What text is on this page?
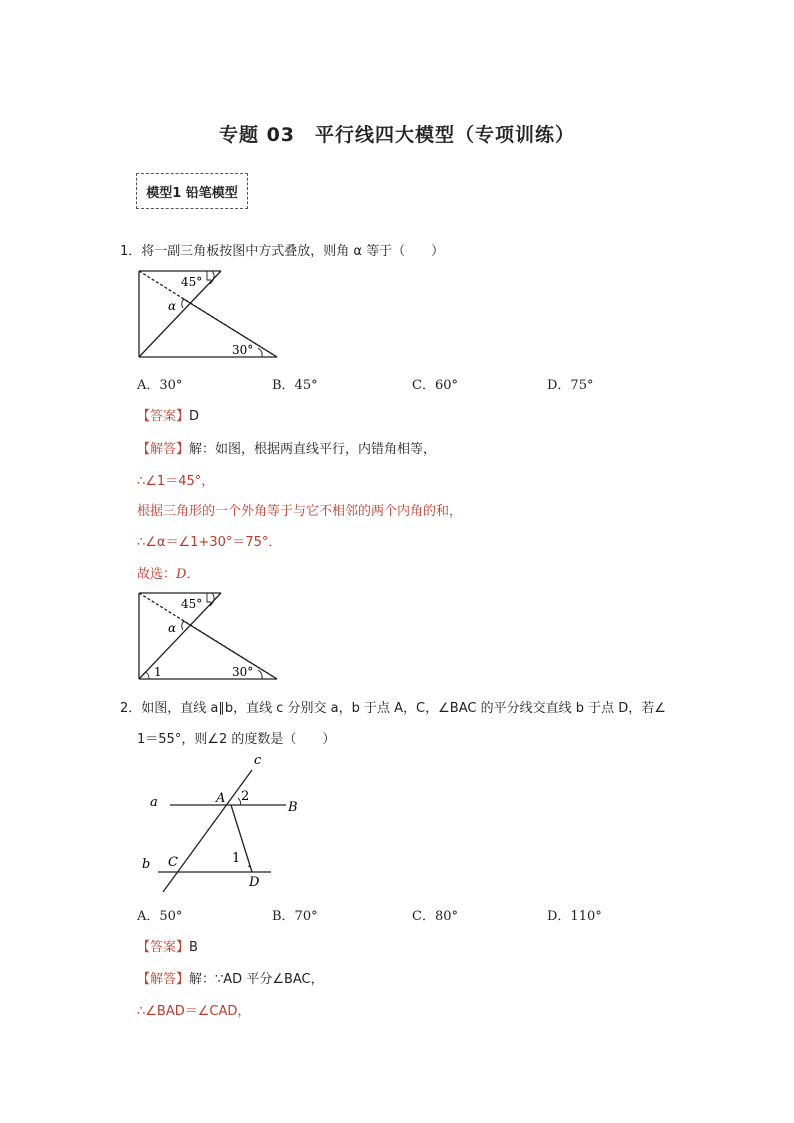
专题 03　平行线四大模型（专项训练）
模型1 铅笔模型
1．将一副三角板按图中方式叠放，则角 α 等于（　　）
45°
30°
α
A．30°	B．45°	C．60°	D．75°
【答案】D
【解答】解：如图，根据两直线平行，内错角相等，
∴∠1＝45°，
根据三角形的一个外角等于与它不相邻的两个内角的和，
∴∠α＝∠1+30°＝75°．
故选：D．
45°
30°
α
1
2．如图，直线 a∥b，直线 c 分别交 a，b 于点 A，C，∠BAC 的平分线交直线 b 于点 D，若∠
1＝55°，则∠2 的度数是（　　）
c
a	A 2
B
b C	1
D
A．50°	B．70°	C．80°	D．110°
【答案】B
【解答】解：∵AD 平分∠BAC，
∴∠BAD＝∠CAD，
